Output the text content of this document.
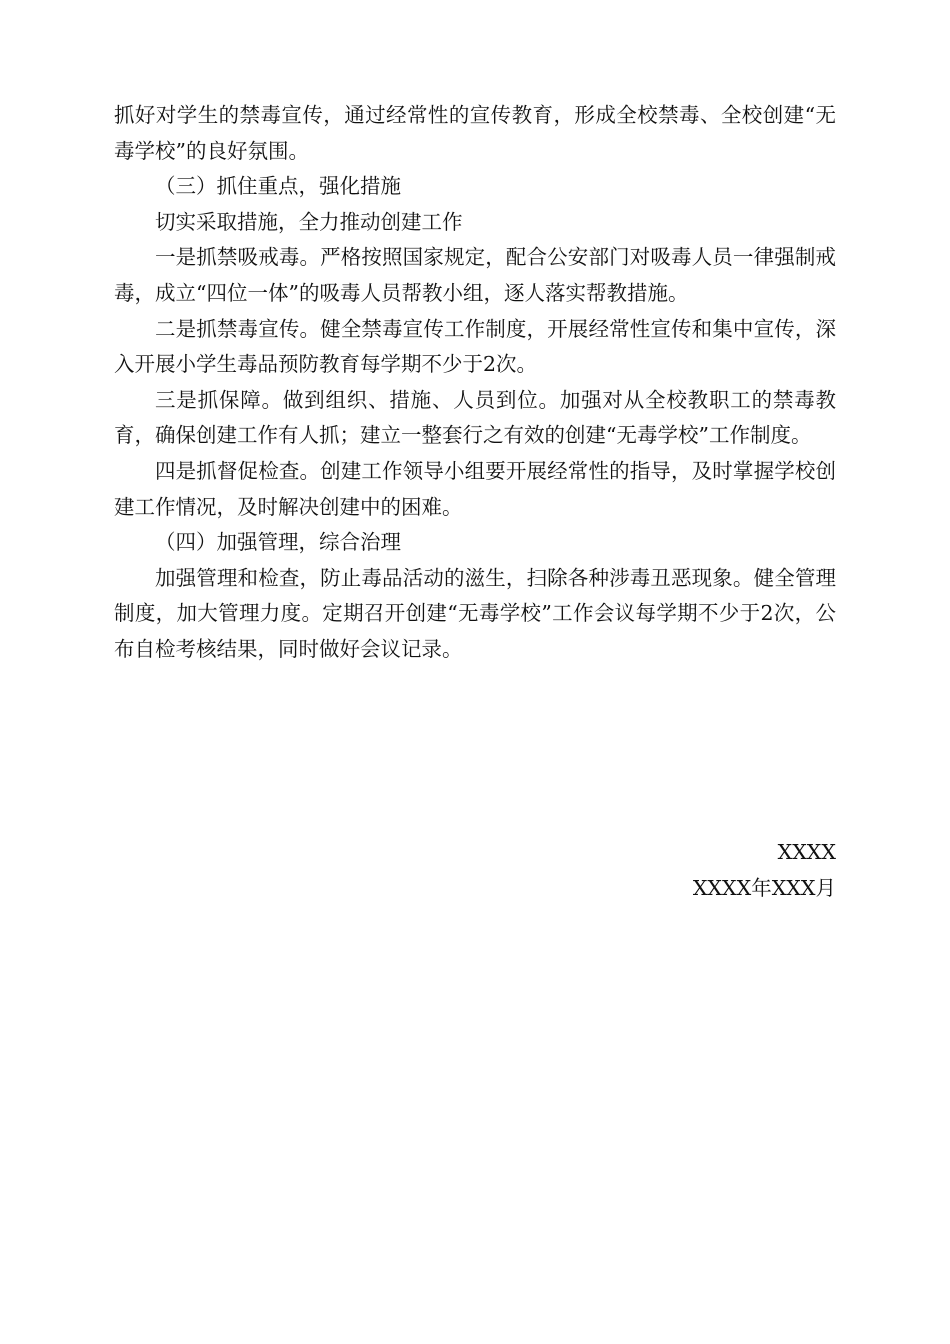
抓好对学生的禁毒宣传，通过经常性的宣传教育，形成全校禁毒、全校创建“无毒学校”的良好氛围。

（三）抓住重点，强化措施

切实采取措施，全力推动创建工作

一是抓禁吸戒毒。严格按照国家规定，配合公安部门对吸毒人员一律强制戒毒，成立“四位一体”的吸毒人员帮教小组，逐人落实帮教措施。

二是抓禁毒宣传。健全禁毒宣传工作制度，开展经常性宣传和集中宣传，深入开展小学生毒品预防教育每学期不少于2次。

三是抓保障。做到组织、措施、人员到位。加强对从全校教职工的禁毒教育，确保创建工作有人抓；建立一整套行之有效的创建“无毒学校”工作制度。

四是抓督促检查。创建工作领导小组要开展经常性的指导，及时掌握学校创建工作情况，及时解决创建中的困难。

（四）加强管理，综合治理

加强管理和检查，防止毒品活动的滋生，扫除各种涉毒丑恶现象。健全管理制度，加大管理力度。定期召开创建“无毒学校”工作会议每学期不少于2次，公布自检考核结果，同时做好会议记录。

XXXX
XXXX年XXX月
